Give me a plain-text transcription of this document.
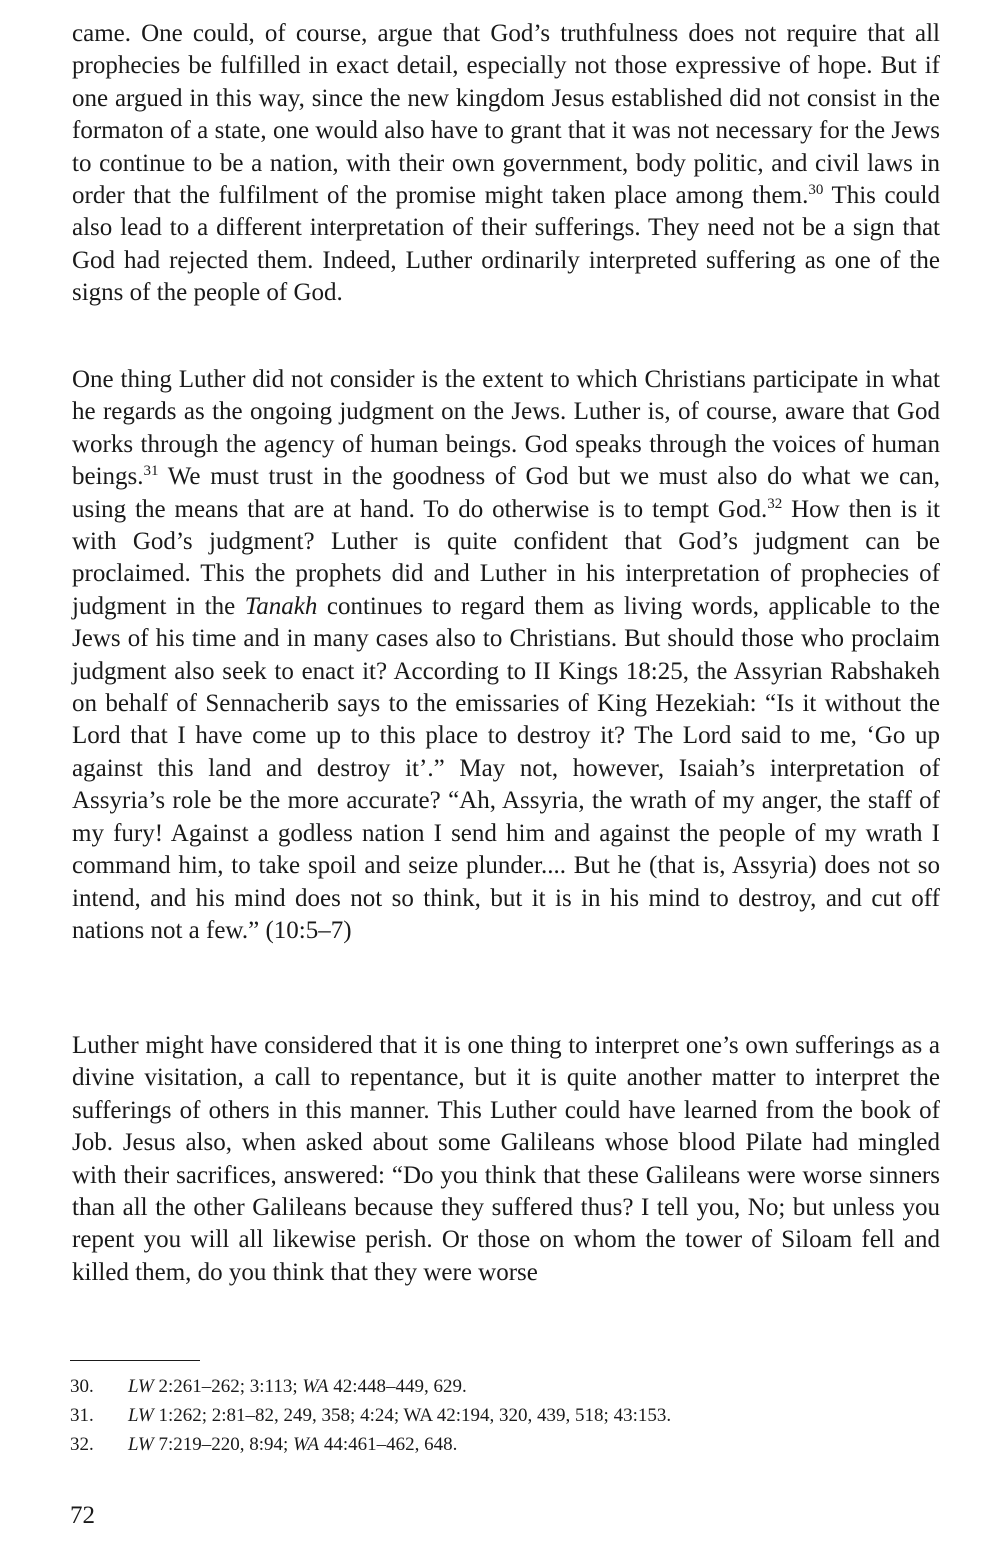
came. One could, of course, argue that God’s truthfulness does not require that all prophecies be fulfilled in exact detail, especially not those expressive of hope. But if one argued in this way, since the new kingdom Jesus established did not consist in the formaton of a state, one would also have to grant that it was not necessary for the Jews to continue to be a nation, with their own government, body politic, and civil laws in order that the fulfilment of the promise might taken place among them.$^{30}$ This could also lead to a different interpretation of their sufferings. They need not be a sign that God had rejected them. Indeed, Luther ordinarily interpreted suffering as one of the signs of the people of God.

One thing Luther did not consider is the extent to which Christians participate in what he regards as the ongoing judgment on the Jews. Luther is, of course, aware that God works through the agency of human beings. God speaks through the voices of human beings.$^{31}$ We must trust in the goodness of God but we must also do what we can, using the means that are at hand. To do otherwise is to tempt God.$^{32}$ How then is it with God’s judgment? Luther is quite confident that God’s judgment can be proclaimed. This the prophets did and Luther in his interpretation of prophecies of judgment in the Tanakh continues to regard them as living words, applicable to the Jews of his time and in many cases also to Christians. But should those who proclaim judgment also seek to enact it? According to II Kings 18:25, the Assyrian Rabshakeh on behalf of Sennacherib says to the emissaries of King Hezekiah: “Is it without the Lord that I have come up to this place to destroy it? The Lord said to me, ‘Go up against this land and destroy it’.” May not, however, Isaiah’s interpretation of Assyria’s role be the more accurate? “Ah, Assyria, the wrath of my anger, the staff of my fury! Against a godless nation I send him and against the people of my wrath I command him, to take spoil and seize plunder.... But he (that is, Assyria) does not so intend, and his mind does not so think, but it is in his mind to destroy, and cut off nations not a few.” (10:5–7)

Luther might have considered that it is one thing to interpret one’s own sufferings as a divine visitation, a call to repentance, but it is quite another matter to interpret the sufferings of others in this manner. This Luther could have learned from the book of Job. Jesus also, when asked about some Galileans whose blood Pilate had mingled with their sacrifices, answered: “Do you think that these Galileans were worse sinners than all the other Galileans because they suffered thus? I tell you, No; but unless you repent you will all likewise perish. Or those on whom the tower of Siloam fell and killed them, do you think that they were worse

30.	LW 2:261–262; 3:113; WA 42:448–449, 629.
31.	LW 1:262; 2:81–82, 249, 358; 4:24; WA 42:194, 320, 439, 518; 43:153.
32.	LW 7:219–220, 8:94; WA 44:461–462, 648.
72
